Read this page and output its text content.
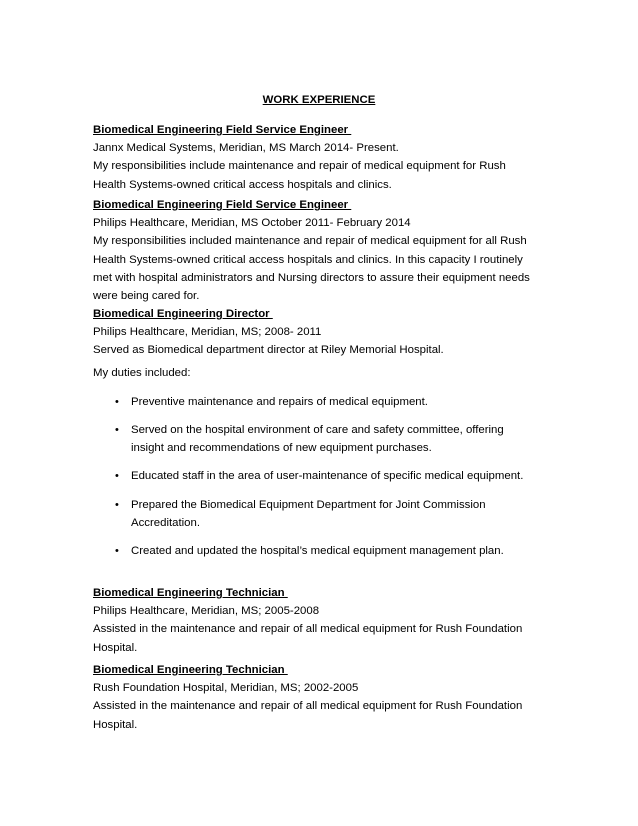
WORK EXPERIENCE
Biomedical Engineering Field Service Engineer
Jannx Medical Systems, Meridian, MS March 2014- Present.
My responsibilities include maintenance and repair of medical equipment for Rush
Health Systems-owned critical access hospitals and clinics.
Biomedical Engineering Field Service Engineer
Philips Healthcare, Meridian, MS October 2011- February 2014
My responsibilities included maintenance and repair of medical equipment for all Rush
Health Systems-owned critical access hospitals and clinics. In this capacity I routinely
met with hospital administrators and Nursing directors to assure their equipment needs
were being cared for.
Biomedical Engineering Director
Philips Healthcare, Meridian, MS; 2008- 2011
Served as Biomedical department director at Riley Memorial Hospital.
My duties included:
• Preventive maintenance and repairs of medical equipment.
• Served on the hospital environment of care and safety committee, offering
insight and recommendations of new equipment purchases.
• Educated staff in the area of user-maintenance of specific medical equipment.
• Prepared the Biomedical Equipment Department for Joint Commission
Accreditation.
• Created and updated the hospital’s medical equipment management plan.
Biomedical Engineering Technician
Philips Healthcare, Meridian, MS; 2005-2008
Assisted in the maintenance and repair of all medical equipment for Rush Foundation
Hospital.
Biomedical Engineering Technician
Rush Foundation Hospital, Meridian, MS; 2002-2005
Assisted in the maintenance and repair of all medical equipment for Rush Foundation
Hospital.
